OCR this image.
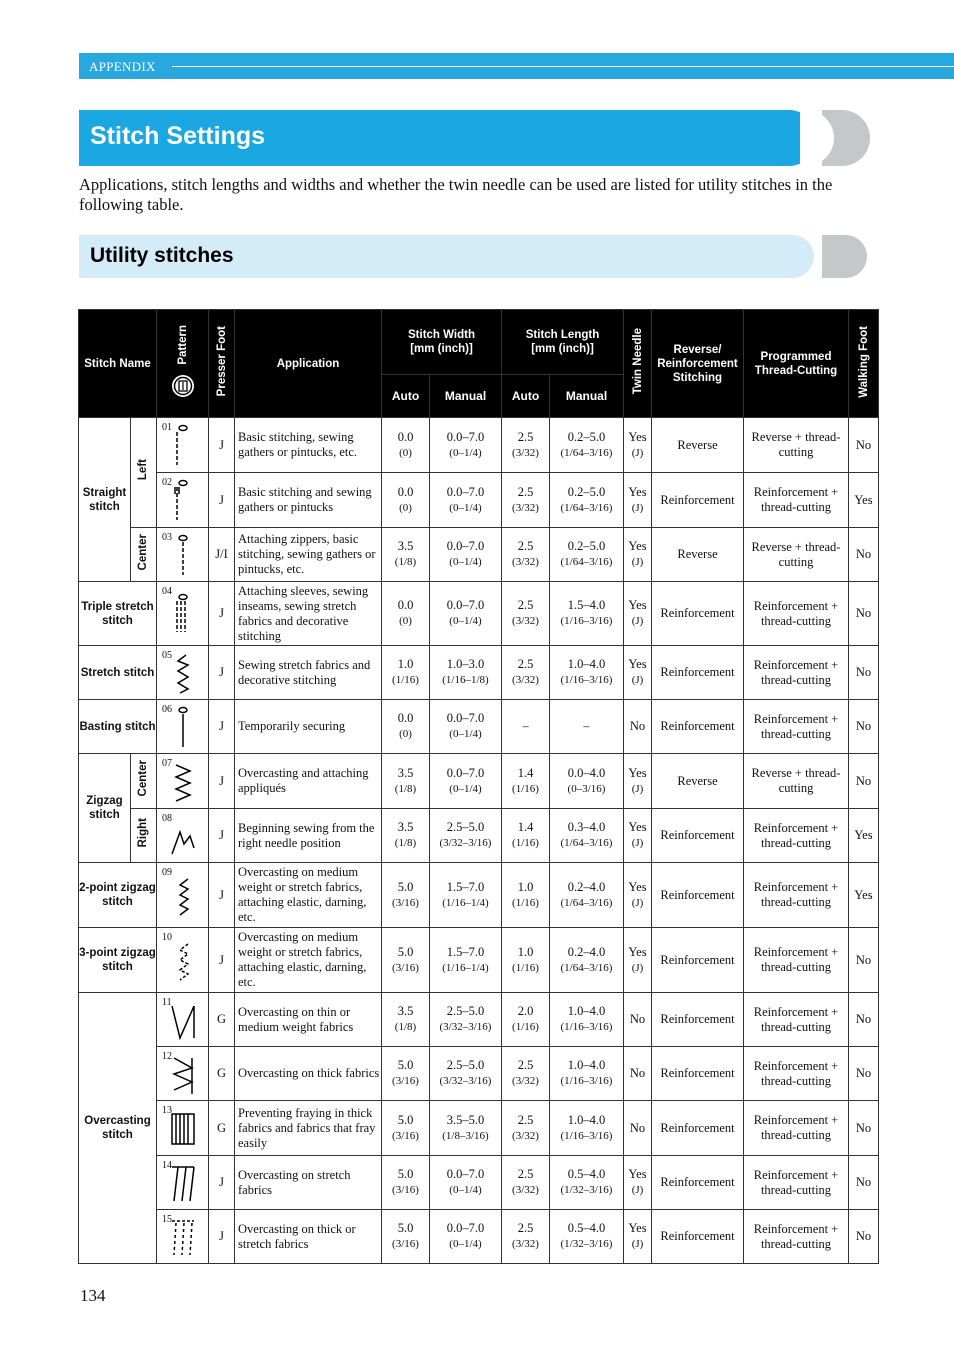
APPENDIX
Stitch Settings
Applications, stitch lengths and widths and whether the twin needle can be used are listed for utility stitches in the following table.
Utility stitches
Stitch Name		Pattern	Presser Foot	Application	Stitch Width
[mm (inch)]		Stitch Length
[mm (inch)]		Twin Needle	Reverse/
Reinforcement
Stitching	Programmed
Thread-Cutting	Walking Foot
					Auto	Manual	Auto	Manual				
Straight stitch	Left	01	J	Basic stitching, sewing gathers or pintucks, etc.	0.0
(0)	0.0–7.0
(0–1/4)	2.5
(3/32)	0.2–5.0
(1/64–3/16)	Yes
(J)	Reverse	Reverse + thread-cutting	No

		02	J	Basic stitching and sewing gathers or pintucks	0.0
(0)	0.0–7.0
(0–1/4)	2.5
(3/32)	0.2–5.0
(1/64–3/16)	Yes
(J)	Reinforcement	Reinforcement + thread-cutting	Yes
	Center	03	J/I	Attaching zippers, basic stitching, sewing gathers or pintucks, etc.	3.5
(1/8)	0.0–7.0
(0–1/4)	2.5
(3/32)	0.2–5.0
(1/64–3/16)	Yes
(J)	Reverse	Reverse + thread-cutting	No
Triple stretch stitch		04	J	Attaching sleeves, sewing inseams, sewing stretch fabrics and decorative stitching	0.0
(0)	0.0–7.0
(0–1/4)	2.5
(3/32)	1.5–4.0
(1/16–3/16)	Yes
(J)	Reinforcement	Reinforcement + thread-cutting	No
Stretch stitch		05	J	Sewing stretch fabrics and decorative stitching	1.0
(1/16)	1.0–3.0
(1/16–1/8)	2.5
(3/32)	1.0–4.0
(1/16–3/16)	Yes
(J)	Reinforcement	Reinforcement + thread-cutting	No
Basting stitch		06	J	Temporarily securing	0.0
(0)	0.0–7.0
(0–1/4)	–	–	No	Reinforcement	Reinforcement + thread-cutting	No
Zigzag stitch	Center	07	J	Overcasting and attaching appliqués	3.5
(1/8)	0.0–7.0
(0–1/4)	1.4
(1/16)	0.0–4.0
(0–3/16)	Yes
(J)	Reverse	Reverse + thread-cutting	No
	Right	08	J	Beginning sewing from the right needle position	3.5
(1/8)	2.5–5.0
(3/32–3/16)	1.4
(1/16)	0.3–4.0
(1/64–3/16)	Yes
(J)	Reinforcement	Reinforcement + thread-cutting	Yes
2-point zigzag stitch		09	J	Overcasting on medium weight or stretch fabrics, attaching elastic, darning, etc.	5.0
(3/16)	1.5–7.0
(1/16–1/4)	1.0
(1/16)	0.2–4.0
(1/64–3/16)	Yes
(J)	Reinforcement	Reinforcement + thread-cutting	Yes
3-point zigzag stitch		10	J	Overcasting on medium weight or stretch fabrics, attaching elastic, darning, etc.	5.0
(3/16)	1.5–7.0
(1/16–1/4)	1.0
(1/16)	0.2–4.0
(1/64–3/16)	Yes
(J)	Reinforcement	Reinforcement + thread-cutting	No
Overcasting stitch		11	G	Overcasting on thin or medium weight fabrics	3.5
(1/8)	2.5–5.0
(3/32–3/16)	2.0
(1/16)	1.0–4.0
(1/16–3/16)	No	Reinforcement	Reinforcement + thread-cutting	No

		12	G	Overcasting on thick fabrics	5.0
(3/16)	2.5–5.0
(3/32–3/16)	2.5
(3/32)	1.0–4.0
(1/16–3/16)	No	Reinforcement	Reinforcement + thread-cutting	No

		13	G	Preventing fraying in thick fabrics and fabrics that fray easily	5.0
(3/16)	3.5–5.0
(1/8–3/16)	2.5
(3/32)	1.0–4.0
(1/16–3/16)	No	Reinforcement	Reinforcement + thread-cutting	No

		14	J	Overcasting on stretch fabrics	5.0
(3/16)	0.0–7.0
(0–1/4)	2.5
(3/32)	0.5–4.0
(1/32–3/16)	Yes
(J)	Reinforcement	Reinforcement + thread-cutting	No

		15	J	Overcasting on thick or stretch fabrics	5.0
(3/16)	0.0–7.0
(0–1/4)	2.5
(3/32)	0.5–4.0
(1/32–3/16)	Yes
(J)	Reinforcement	Reinforcement + thread-cutting	No
134
